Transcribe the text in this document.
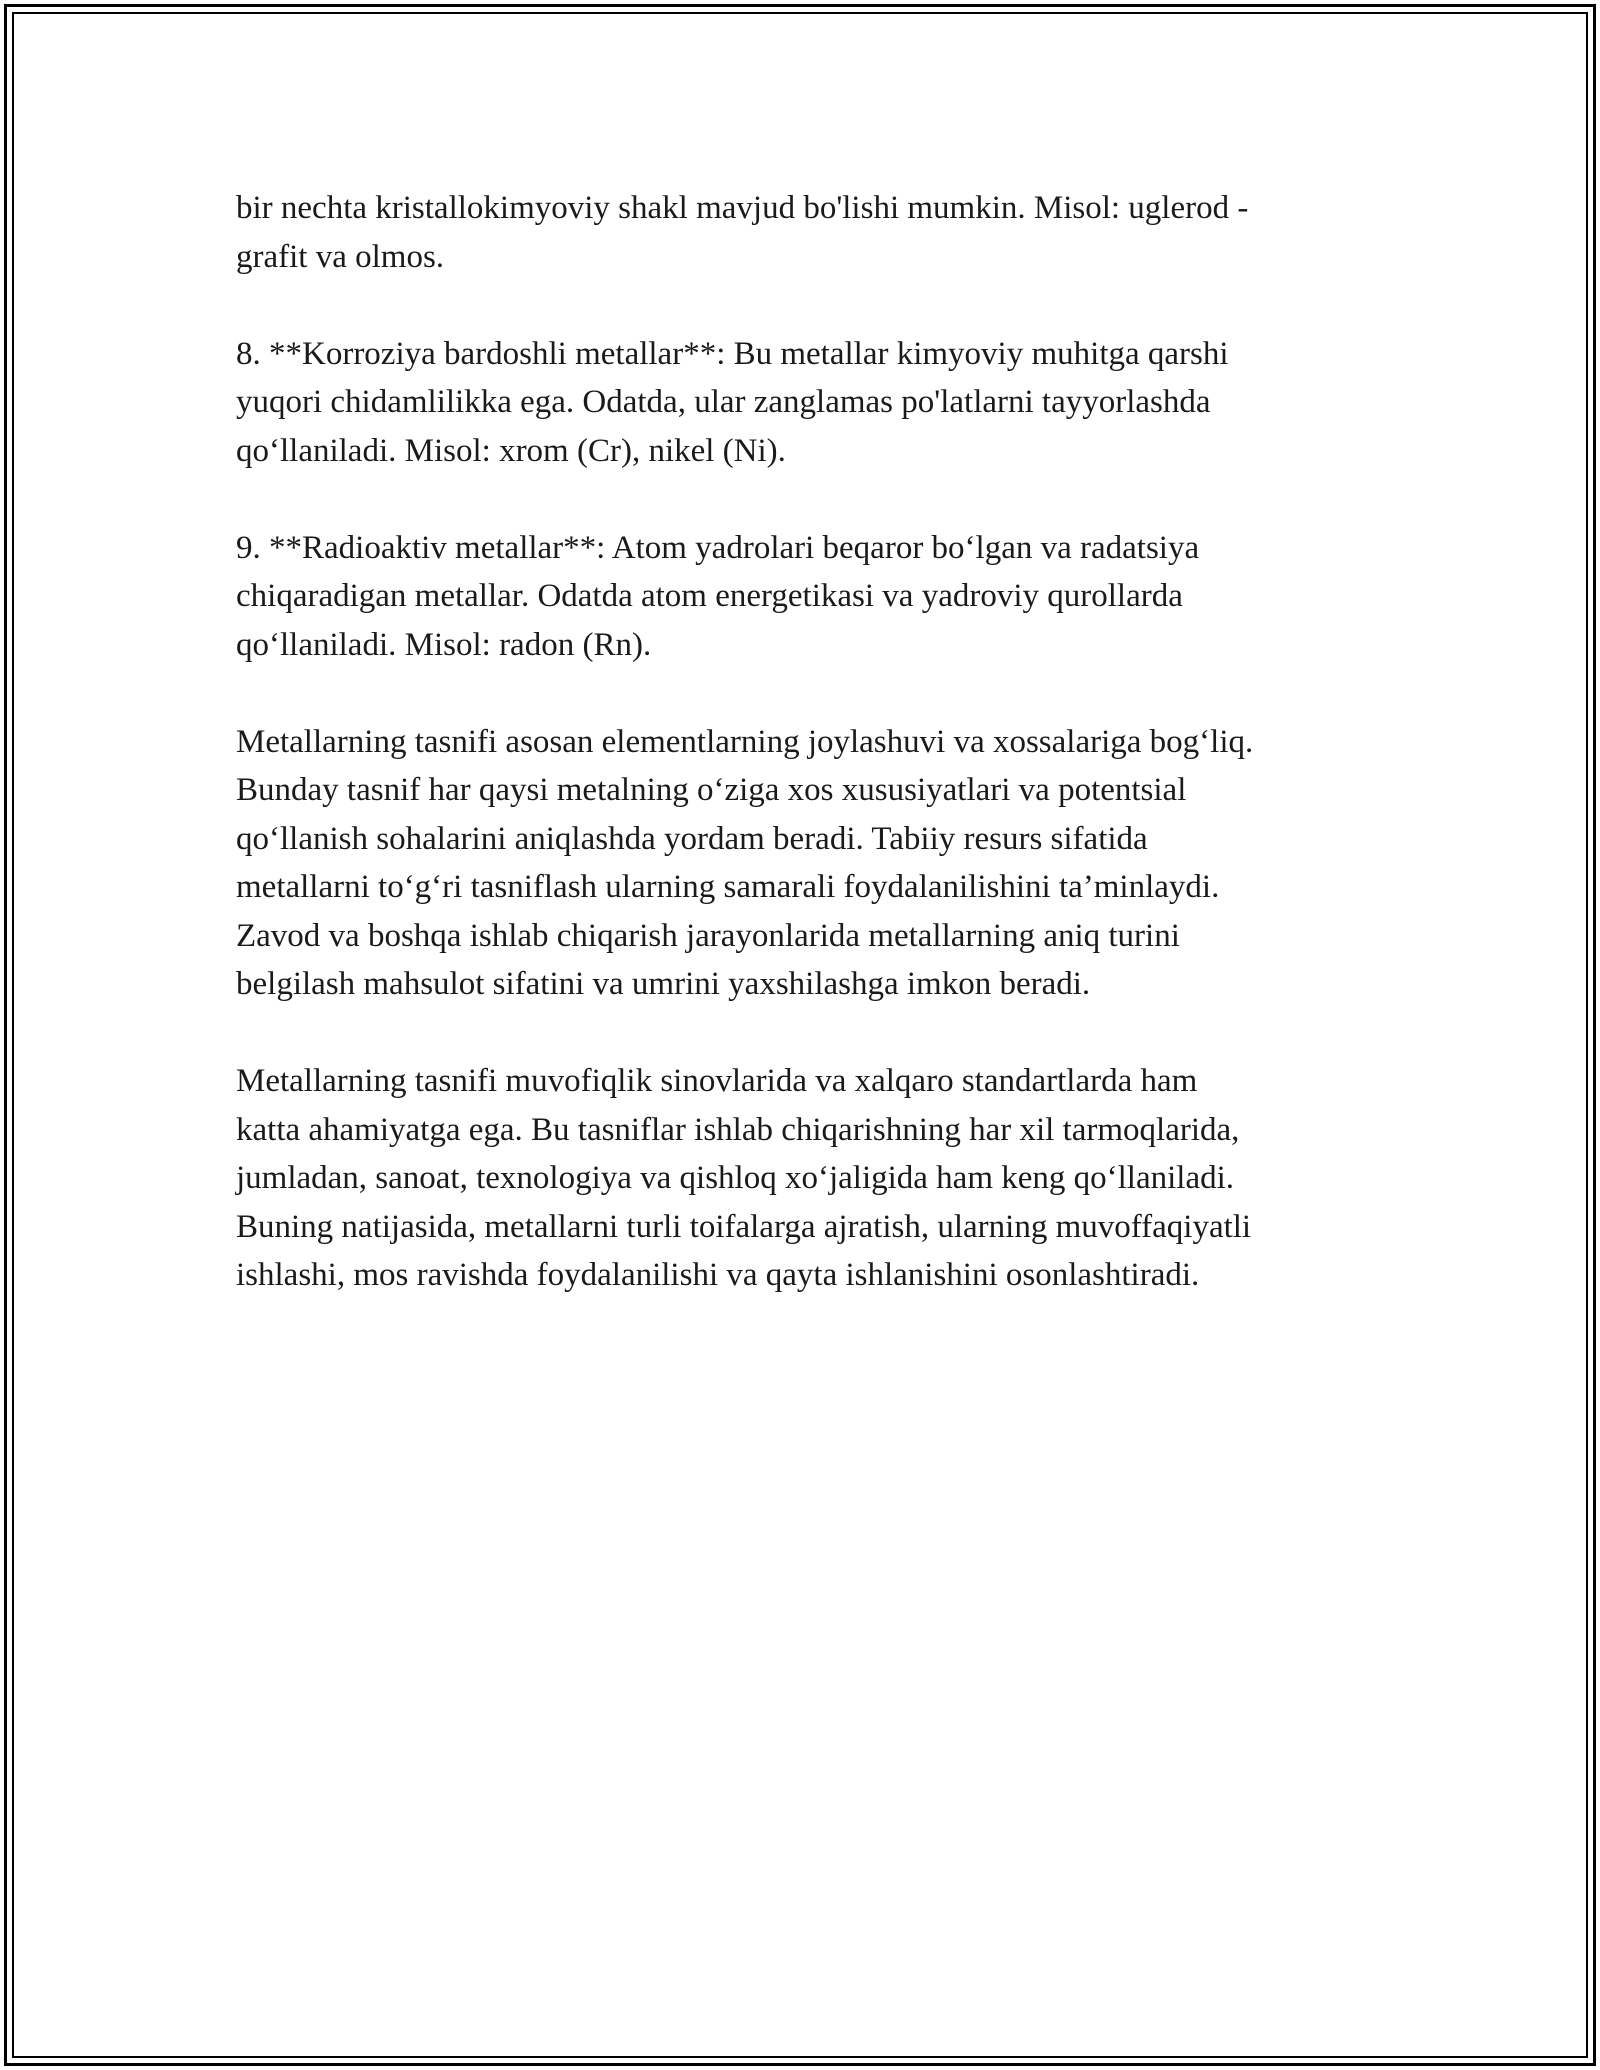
bir nechta kristallokimyoviy shakl mavjud bo'lishi mumkin. Misol: uglerod -
grafit va olmos.

8. **Korroziya bardoshli metallar**: Bu metallar kimyoviy muhitga qarshi
yuqori chidamlilikka ega. Odatda, ular zanglamas po'latlarni tayyorlashda
qo‘llaniladi. Misol: xrom (Cr), nikel (Ni).

9. **Radioaktiv metallar**: Atom yadrolari beqaror bo‘lgan va radatsiya
chiqaradigan metallar. Odatda atom energetikasi va yadroviy qurollarda
qo‘llaniladi. Misol: radon (Rn).

Metallarning tasnifi asosan elementlarning joylashuvi va xossalariga bog‘liq.
Bunday tasnif har qaysi metalning o‘ziga xos xususiyatlari va potentsial
qo‘llanish sohalarini aniqlashda yordam beradi. Tabiiy resurs sifatida
metallarni to‘g‘ri tasniflash ularning samarali foydalanilishini ta’minlaydi.
Zavod va boshqa ishlab chiqarish jarayonlarida metallarning aniq turini
belgilash mahsulot sifatini va umrini yaxshilashga imkon beradi.

Metallarning tasnifi muvofiqlik sinovlarida va xalqaro standartlarda ham
katta ahamiyatga ega. Bu tasniflar ishlab chiqarishning har xil tarmoqlarida,
jumladan, sanoat, texnologiya va qishloq xo‘jaligida ham keng qo‘llaniladi.
Buning natijasida, metallarni turli toifalarga ajratish, ularning muvoffaqiyatli
ishlashi, mos ravishda foydalanilishi va qayta ishlanishini osonlashtiradi.
